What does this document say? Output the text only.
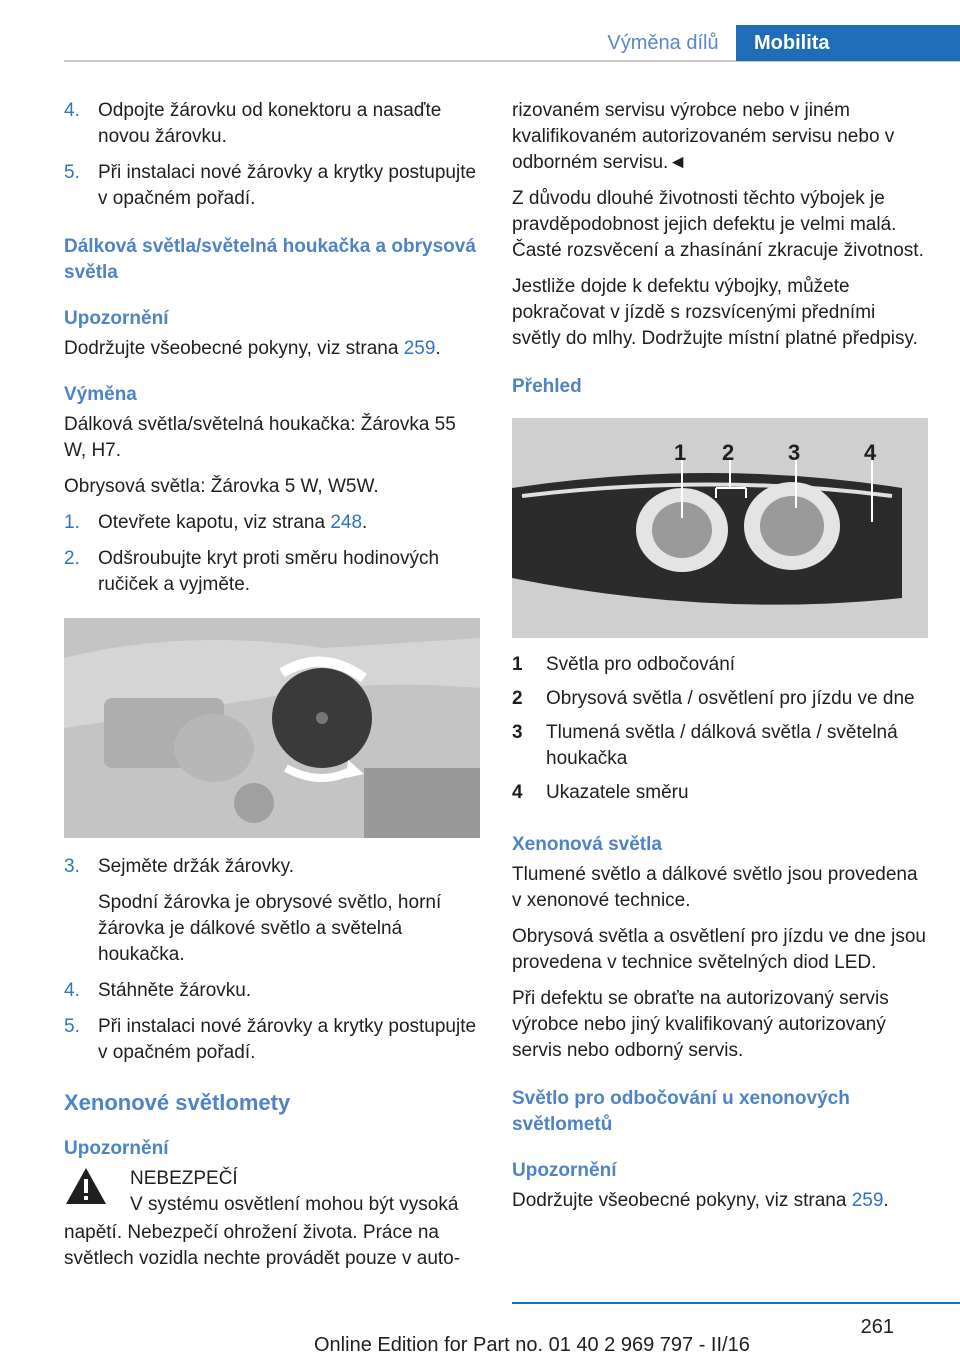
Výměna dílů	Mobilita
4. Odpojte žárovku od konektoru a nasaďte novou žárovku.
5. Při instalaci nové žárovky a krytky postupujte v opačném pořadí.
Dálková světla/světelná houkačka a obrysová světla
Upozornění

Dodržujte všeobecné pokyny, viz strana 259.

Výměna

Dálková světla/světelná houkačka: Žárovka 55 W, H7.

Obrysová světla: Žárovka 5 W, W5W.

1. Otevřete kapotu, viz strana 248.
2. Odšroubujte kryt proti směru hodinových ručiček a vyjměte.
3. Sejměte držák žárovky.

Spodní žárovka je obrysové světlo, horní žárovka je dálkové světlo a světelná houkačka.

4. Stáhněte žárovku.
5. Při instalaci nové žárovky a krytky postupujte v opačném pořadí.
Xenonové světlomety
Upozornění
NEBEZPEČÍ
V systému osvětlení mohou být vysoká

napětí. Nebezpečí ohrožení života. Práce na světlech vozidla nechte provádět pouze v auto-

rizovaném servisu výrobce nebo v jiném kvalifikovaném autorizovaném servisu nebo v odborném servisu.◄

Z důvodu dlouhé životnosti těchto výbojek je pravděpodobnost jejich defektu je velmi malá. Časté rozsvěcení a zhasínání zkracuje životnost.

Jestliže dojde k defektu výbojky, můžete pokračovat v jízdě s rozsvícenými předními světly do mlhy. Dodržujte místní platné předpisy.

Přehled
1 2 3	4
1	Světla pro odbočování
2	Obrysová světla / osvětlení pro jízdu ve dne
3	Tlumená světla / dálková světla / světelná houkačka
4	Ukazatele směru
Xenonová světla

Tlumené světlo a dálkové světlo jsou provedena v xenonové technice.

Obrysová světla a osvětlení pro jízdu ve dne jsou provedena v technice světelných diod LED.

Při defektu se obraťte na autorizovaný servis výrobce nebo jiný kvalifikovaný autorizovaný servis nebo odborný servis.

Světlo pro odbočování u xenonových světlometů
Upozornění

Dodržujte všeobecné pokyny, viz strana 259.

261
Online Edition for Part no. 01 40 2 969 797 - II/16
